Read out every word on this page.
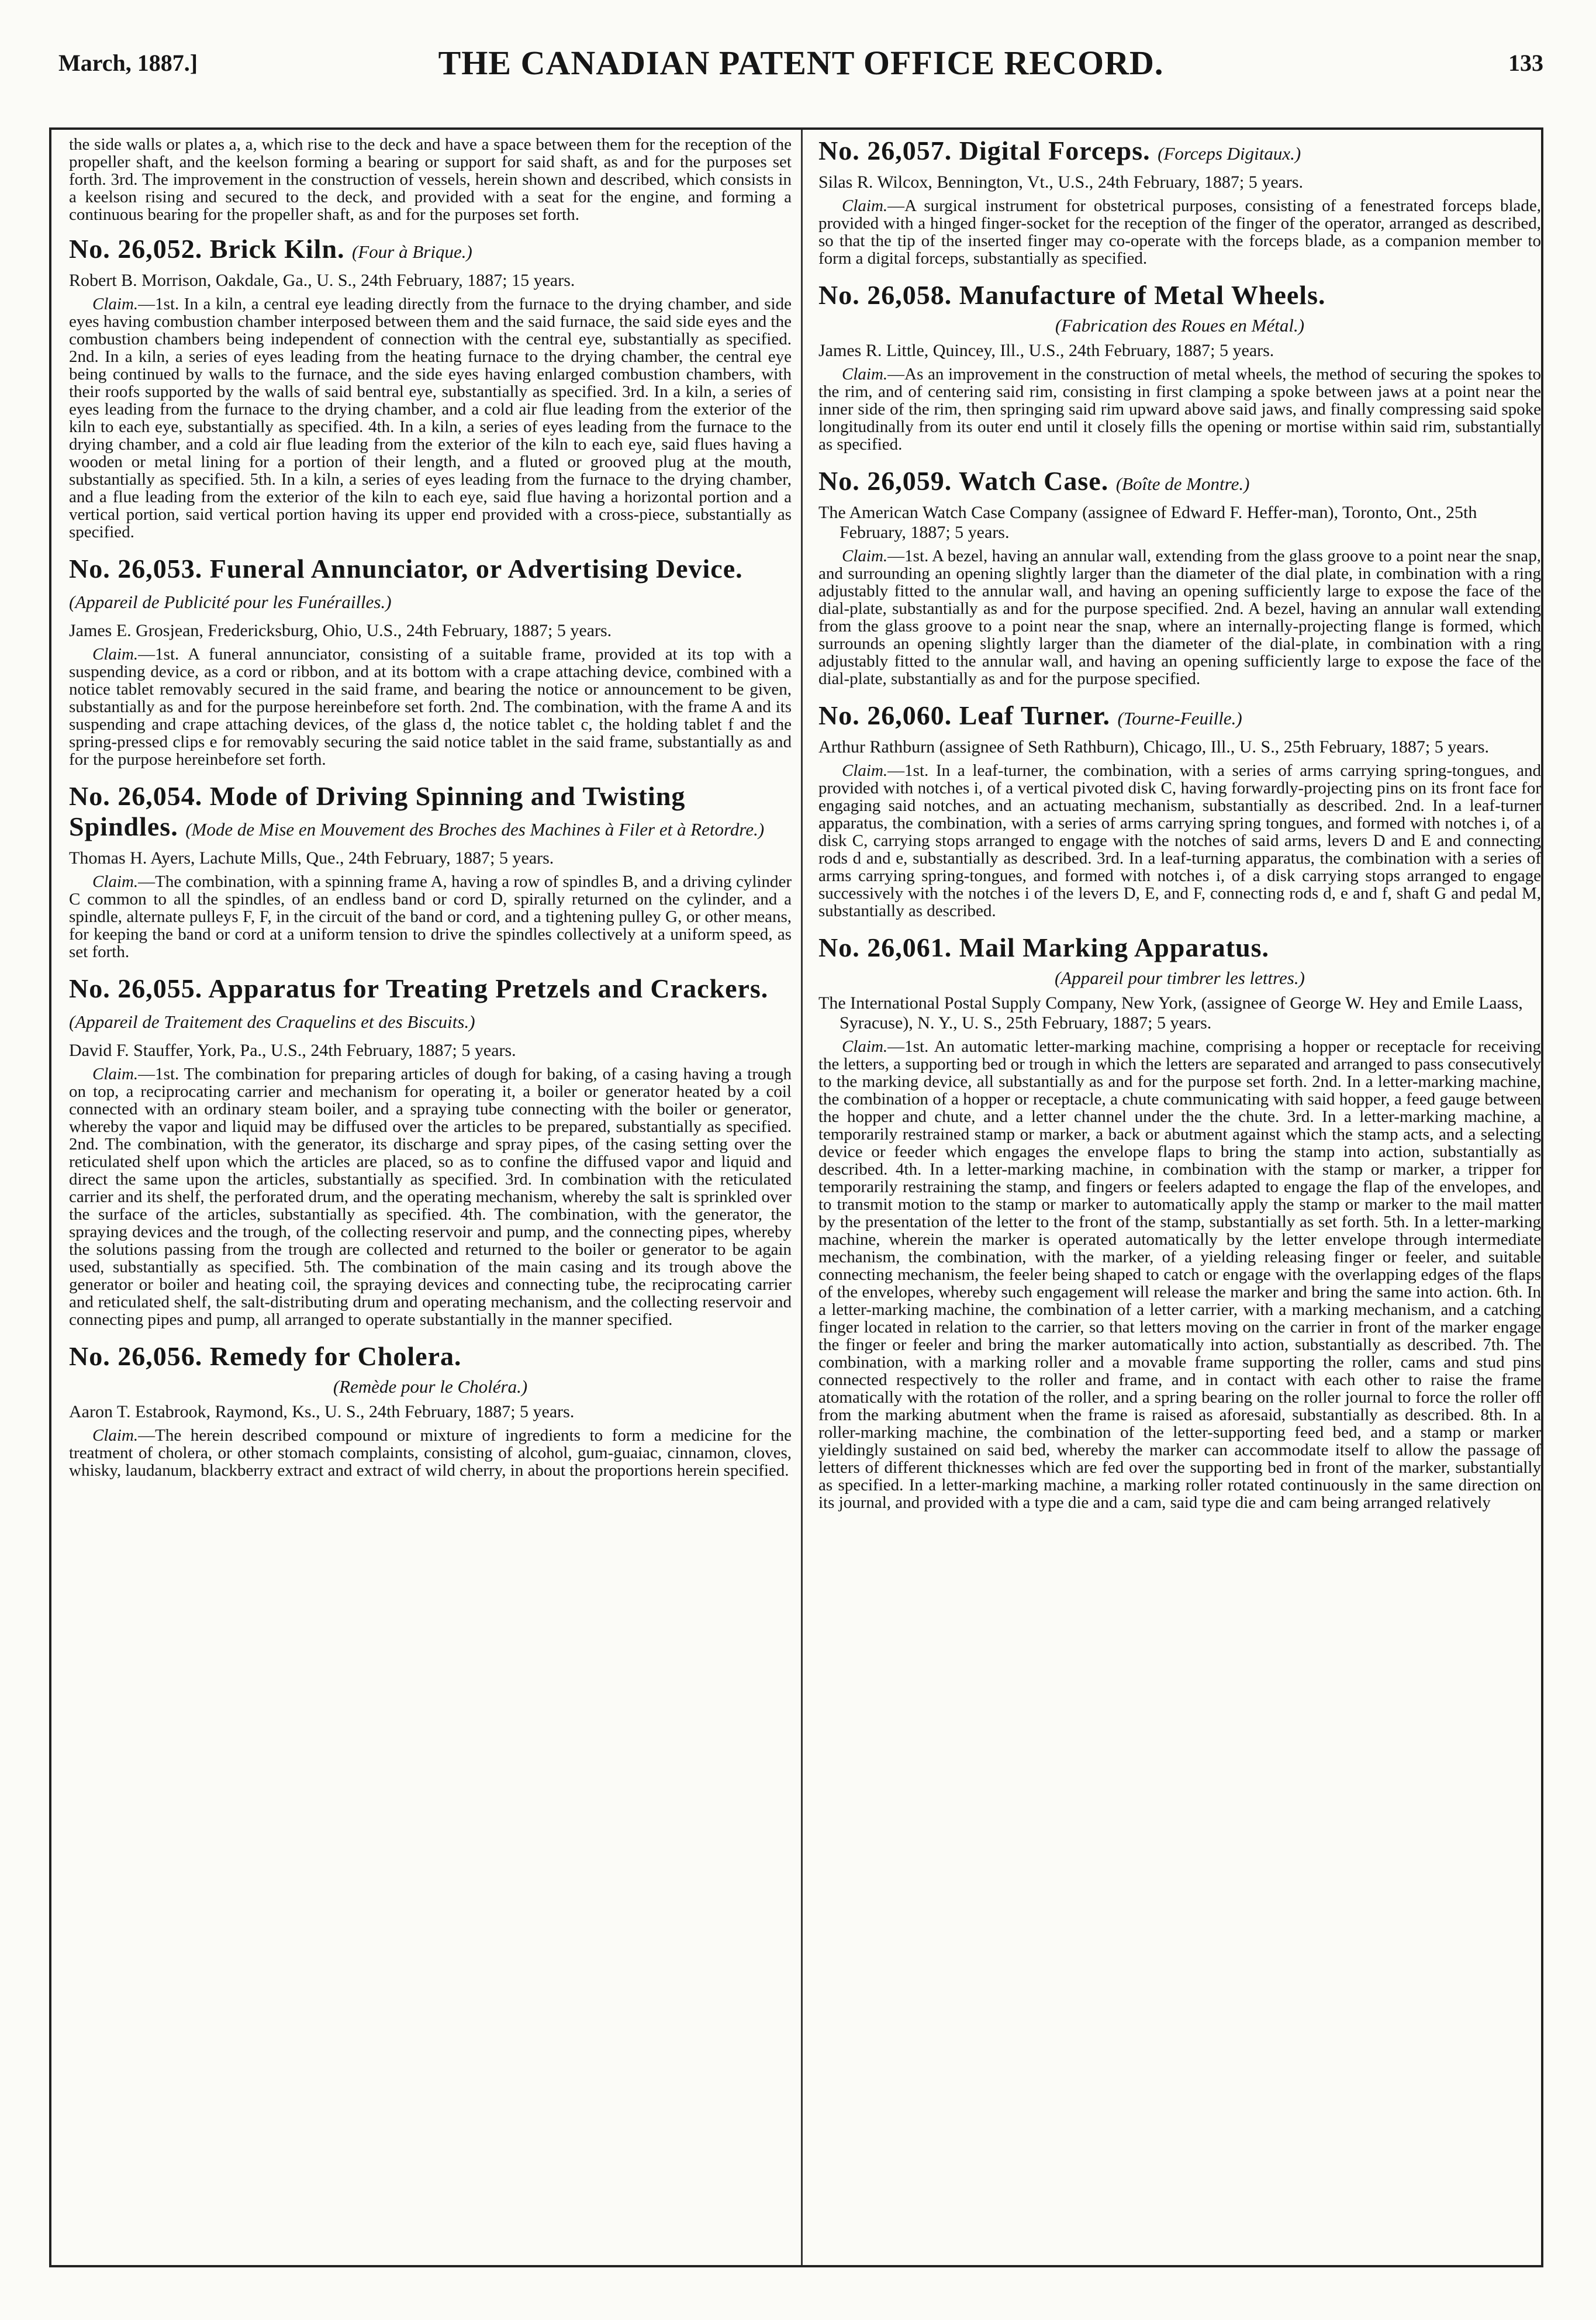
March, 1887.]	THE CANADIAN PATENT OFFICE RECORD.	133

the side walls or plates a, a, which rise to the deck and have a space between them for the reception of the propeller shaft, and the keelson forming a bearing or support for said shaft, as and for the purposes set forth. 3rd. The improvement in the construction of vessels, herein shown and described, which consists in a keelson rising and secured to the deck, and provided with a seat for the engine, and forming a continuous bearing for the propeller shaft, as and for the purposes set forth.

No. 26,052. Brick Kiln. (Four à Brique.)

Robert B. Morrison, Oakdale, Ga., U. S., 24th February, 1887; 15 years.

Claim.—1st. In a kiln, a central eye leading directly from the furnace to the drying chamber, and side eyes having combustion chamber interposed between them and the said furnace, the said side eyes and the combustion chambers being independent of connection with the central eye, substantially as specified. 2nd. In a kiln, a series of eyes leading from the heating furnace to the drying chamber, the central eye being continued by walls to the furnace, and the side eyes having enlarged combustion chambers, with their roofs supported by the walls of said bentral eye, substantially as specified. 3rd. In a kiln, a series of eyes leading from the furnace to the drying chamber, and a cold air flue leading from the exterior of the kiln to each eye, substantially as specified. 4th. In a kiln, a series of eyes leading from the furnace to the drying chamber, and a cold air flue leading from the exterior of the kiln to each eye, said flues having a wooden or metal lining for a portion of their length, and a fluted or grooved plug at the mouth, substantially as specified. 5th. In a kiln, a series of eyes leading from the furnace to the drying chamber, and a flue leading from the exterior of the kiln to each eye, said flue having a horizontal portion and a vertical portion, said vertical portion having its upper end provided with a cross-piece, substantially as specified.

No. 26,053. Funeral Annunciator, or Advertising Device. (Appareil de Publicité pour les Funérailles.)

James E. Grosjean, Fredericksburg, Ohio, U.S., 24th February, 1887; 5 years.

Claim.—1st. A funeral annunciator, consisting of a suitable frame, provided at its top with a suspending device, as a cord or ribbon, and at its bottom with a crape attaching device, combined with a notice tablet removably secured in the said frame, and bearing the notice or announcement to be given, substantially as and for the purpose hereinbefore set forth. 2nd. The combination, with the frame A and its suspending and crape attaching devices, of the glass d, the notice tablet c, the holding tablet f and the spring-pressed clips e for removably securing the said notice tablet in the said frame, substantially as and for the purpose hereinbefore set forth.

No. 26,054. Mode of Driving Spinning and Twisting Spindles. (Mode de Mise en Mouvement des Broches des Machines à Filer et à Retordre.)

Thomas H. Ayers, Lachute Mills, Que., 24th February, 1887; 5 years.

Claim.—The combination, with a spinning frame A, having a row of spindles B, and a driving cylinder C common to all the spindles, of an endless band or cord D, spirally returned on the cylinder, and a spindle, alternate pulleys F, F, in the circuit of the band or cord, and a tightening pulley G, or other means, for keeping the band or cord at a uniform tension to drive the spindles collectively at a uniform speed, as set forth.

No. 26,055. Apparatus for Treating Pretzels and Crackers. (Appareil de Traitement des Craquelins et des Biscuits.)

David F. Stauffer, York, Pa., U.S., 24th February, 1887; 5 years.

Claim.—1st. The combination for preparing articles of dough for baking, of a casing having a trough on top, a reciprocating carrier and mechanism for operating it, a boiler or generator heated by a coil connected with an ordinary steam boiler, and a spraying tube connecting with the boiler or generator, whereby the vapor and liquid may be diffused over the articles to be prepared, substantially as specified. 2nd. The combination, with the generator, its discharge and spray pipes, of the casing setting over the reticulated shelf upon which the articles are placed, so as to confine the diffused vapor and liquid and direct the same upon the articles, substantially as specified. 3rd. In combination with the reticulated carrier and its shelf, the perforated drum, and the operating mechanism, whereby the salt is sprinkled over the surface of the articles, substantially as specified. 4th. The combination, with the generator, the spraying devices and the trough, of the collecting reservoir and pump, and the connecting pipes, whereby the solutions passing from the trough are collected and returned to the boiler or generator to be again used, substantially as specified. 5th. The combination of the main casing and its trough above the generator or boiler and heating coil, the spraying devices and connecting tube, the reciprocating carrier and reticulated shelf, the salt-distributing drum and operating mechanism, and the collecting reservoir and connecting pipes and pump, all arranged to operate substantially in the manner specified.

No. 26,056. Remedy for Cholera.
(Remède pour le Choléra.)

Aaron T. Estabrook, Raymond, Ks., U. S., 24th February, 1887; 5 years.

Claim.—The herein described compound or mixture of ingredients to form a medicine for the treatment of cholera, or other stomach complaints, consisting of alcohol, gum-guaiac, cinnamon, cloves, whisky, laudanum, blackberry extract and extract of wild cherry, in about the proportions herein specified.

No. 26,057. Digital Forceps. (Forceps Digitaux.)

Silas R. Wilcox, Bennington, Vt., U.S., 24th February, 1887; 5 years.

Claim.—A surgical instrument for obstetrical purposes, consisting of a fenestrated forceps blade, provided with a hinged finger-socket for the reception of the finger of the operator, arranged as described, so that the tip of the inserted finger may co-operate with the forceps blade, as a companion member to form a digital forceps, substantially as specified.

No. 26,058. Manufacture of Metal Wheels.
(Fabrication des Roues en Métal.)

James R. Little, Quincey, Ill., U.S., 24th February, 1887; 5 years.

Claim.—As an improvement in the construction of metal wheels, the method of securing the spokes to the rim, and of centering said rim, consisting in first clamping a spoke between jaws at a point near the inner side of the rim, then springing said rim upward above said jaws, and finally compressing said spoke longitudinally from its outer end until it closely fills the opening or mortise within said rim, substantially as specified.

No. 26,059. Watch Case. (Boîte de Montre.)

The American Watch Case Company (assignee of Edward F. Heffer-man), Toronto, Ont., 25th February, 1887; 5 years.

Claim.—1st. A bezel, having an annular wall, extending from the glass groove to a point near the snap, and surrounding an opening slightly larger than the diameter of the dial plate, in combination with a ring adjustably fitted to the annular wall, and having an opening sufficiently large to expose the face of the dial-plate, substantially as and for the purpose specified. 2nd. A bezel, having an annular wall extending from the glass groove to a point near the snap, where an internally-projecting flange is formed, which surrounds an opening slightly larger than the diameter of the dial-plate, in combination with a ring adjustably fitted to the annular wall, and having an opening sufficiently large to expose the face of the dial-plate, substantially as and for the purpose specified.

No. 26,060. Leaf Turner. (Tourne-Feuille.)

Arthur Rathburn (assignee of Seth Rathburn), Chicago, Ill., U. S., 25th February, 1887; 5 years.

Claim.—1st. In a leaf-turner, the combination, with a series of arms carrying spring-tongues, and provided with notches i, of a vertical pivoted disk C, having forwardly-projecting pins on its front face for engaging said notches, and an actuating mechanism, substantially as described. 2nd. In a leaf-turner apparatus, the combination, with a series of arms carrying spring tongues, and formed with notches i, of a disk C, carrying stops arranged to engage with the notches of said arms, levers D and E and connecting rods d and e, substantially as described. 3rd. In a leaf-turning apparatus, the combination with a series of arms carrying spring-tongues, and formed with notches i, of a disk carrying stops arranged to engage successively with the notches i of the levers D, E, and F, connecting rods d, e and f, shaft G and pedal M, substantially as described.

No. 26,061. Mail Marking Apparatus.
(Appareil pour timbrer les lettres.)

The International Postal Supply Company, New York, (assignee of George W. Hey and Emile Laass, Syracuse), N. Y., U. S., 25th February, 1887; 5 years.

Claim.—1st. An automatic letter-marking machine, comprising a hopper or receptacle for receiving the letters, a supporting bed or trough in which the letters are separated and arranged to pass consecutively to the marking device, all substantially as and for the purpose set forth. 2nd. In a letter-marking machine, the combination of a hopper or receptacle, a chute communicating with said hopper, a feed gauge between the hopper and chute, and a letter channel under the the chute. 3rd. In a letter-marking machine, a temporarily restrained stamp or marker, a back or abutment against which the stamp acts, and a selecting device or feeder which engages the envelope flaps to bring the stamp into action, substantially as described. 4th. In a letter-marking machine, in combination with the stamp or marker, a tripper for temporarily restraining the stamp, and fingers or feelers adapted to engage the flap of the envelopes, and to transmit motion to the stamp or marker to automatically apply the stamp or marker to the mail matter by the presentation of the letter to the front of the stamp, substantially as set forth. 5th. In a letter-marking machine, wherein the marker is operated automatically by the letter envelope through intermediate mechanism, the combination, with the marker, of a yielding releasing finger or feeler, and suitable connecting mechanism, the feeler being shaped to catch or engage with the overlapping edges of the flaps of the envelopes, whereby such engagement will release the marker and bring the same into action. 6th. In a letter-marking machine, the combination of a letter carrier, with a marking mechanism, and a catching finger located in relation to the carrier, so that letters moving on the carrier in front of the marker engage the finger or feeler and bring the marker automatically into action, substantially as described. 7th. The combination, with a marking roller and a movable frame supporting the roller, cams and stud pins connected respectively to the roller and frame, and in contact with each other to raise the frame atomatically with the rotation of the roller, and a spring bearing on the roller journal to force the roller off from the marking abutment when the frame is raised as aforesaid, substantially as described. 8th. In a roller-marking machine, the combination of the letter-supporting feed bed, and a stamp or marker yieldingly sustained on said bed, whereby the marker can accommodate itself to allow the passage of letters of different thicknesses which are fed over the supporting bed in front of the marker, substantially as specified. In a letter-marking machine, a marking roller rotated continuously in the same direction on its journal, and provided with a type die and a cam, said type die and cam being arranged relatively
